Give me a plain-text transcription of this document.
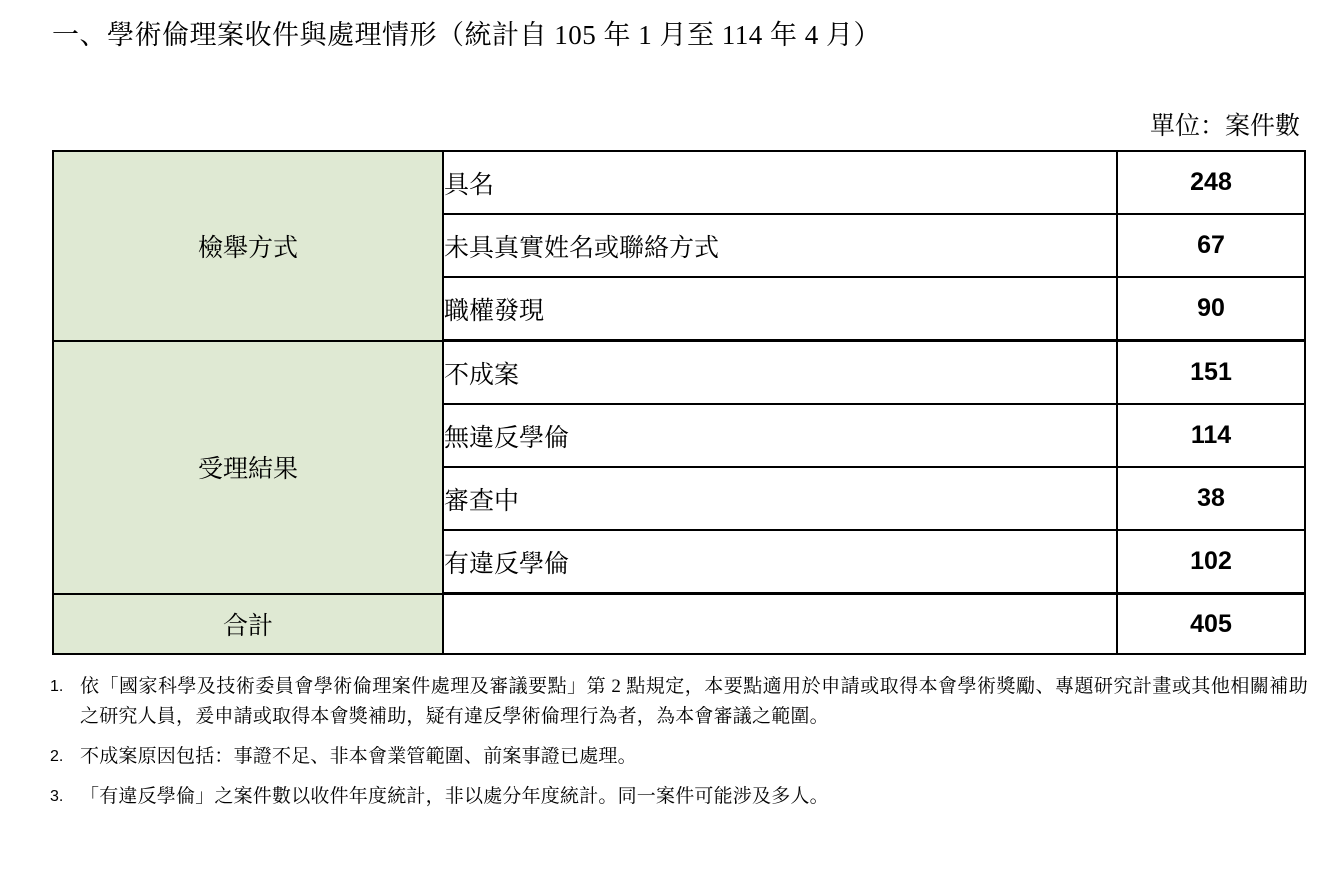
一、學術倫理案收件與處理情形（統計自 105 年 1 月至 114 年 4 月）
單位：案件數
檢舉方式	具名	248
	未具真實姓名或聯絡方式	67
	職權發現	90
受理結果	不成案	151
	無違反學倫	114
	審查中	38
	有違反學倫	102
合計		405
1. 依「國家科學及技術委員會學術倫理案件處理及審議要點」第 2 點規定，本要點適用於申請或取得本會學術獎勵、專題研究計畫或其他相關補助之研究人員，爰申請或取得本會獎補助，疑有違反學術倫理行為者，為本會審議之範圍。
2. 不成案原因包括：事證不足、非本會業管範圍、前案事證已處理。
3. 「有違反學倫」之案件數以收件年度統計，非以處分年度統計。同一案件可能涉及多人。
